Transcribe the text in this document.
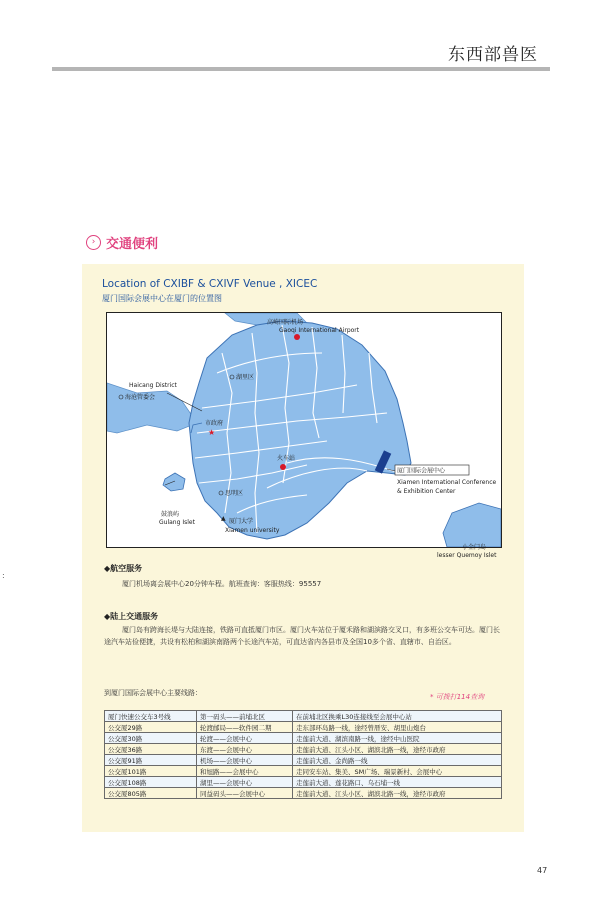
东西部兽医
› 交通便利
Location of CXIBF & CXIVF Venue , XICEC
厦门国际会展中心在厦门的位置图
厦门国际会展中心
Xiamen International Conference
& Exhibition Center
高崎国际机场
Gaoqi International Airport
湖里区
Haicang District
海沧管委会
★
市政府
火车站
思明区
▲ 厦门大学
Xiamen university
鼓浪屿
Gulang Islet
小金门岛
lesser Quemoy Islet
◆航空服务
厦门机场离会展中心20分钟车程。航班查询：客服热线：95557
◆陆上交通服务
厦门岛有跨海长堤与大陆连接，铁路可直抵厦门市区。厦门火车站位于厦禾路和湖滨路交叉口，有多班公交车可达。厦门长途汽车站俭便捷，共设有松柏和湖滨南路两个长途汽车站，可直达省内各县市及全国10多个省、直辖市、自治区。
到厦门国际会展中心主要线路：	* 可拨打114查询
厦门快速公交车3号线	第一码头——前埔北区	在前埔北区换乘L30连接线至会展中心站
公交厦29路	轮渡邮局——软件园二期	走东部环岛路一线，途经曾厝安、胡里山炮台
公交厦30路	轮渡——会展中心	走莲前大道、湖滨南路一线，途经中山医院
公交厦36路	东渡——会展中心	走莲前大道、江头小区、湖滨北路一线，途经市政府
公交厦91路	机场——会展中心	走莲前大道、金尚路一线
公交厦101路	和旭路——会展中心	走同安车站、集美、SM广场、瑞景新村、会展中心
公交厦108路	湖里——会展中心	走莲前大道、莲花路口、乌石埔一线
公交厦805路	同益码头——会展中心	走莲前大道、江头小区、湖滨北路一线，途经市政府
47
:
